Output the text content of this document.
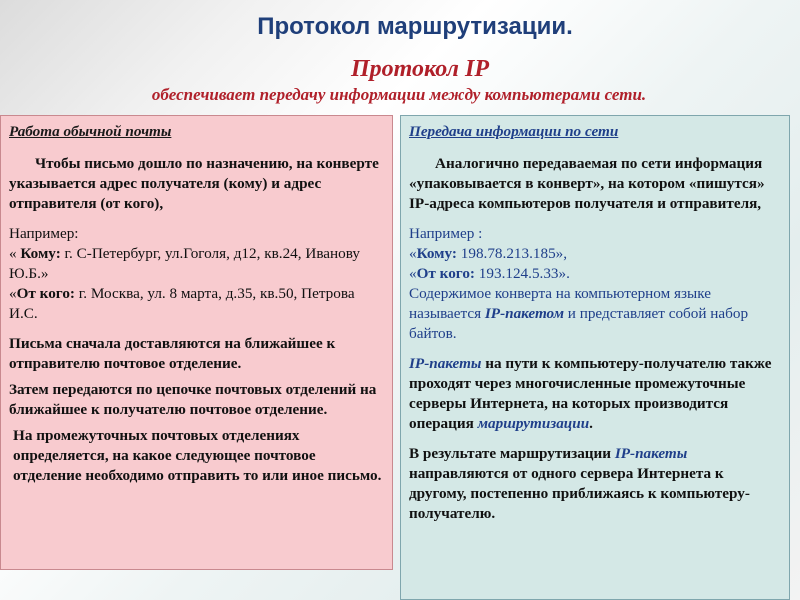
Протокол маршрутизации.
Протокол IP
обеспечивает передачу информации между компьютерами сети.

Работа обычной почты

Чтобы письмо дошло по назначению, на конверте указывается адрес получателя (кому) и адрес отправителя (от кого),

Например:

« Кому: г. С-Петербург, ул.Гоголя, д12, кв.24, Иванову Ю.Б.»

«От кого: г. Москва, ул. 8 марта, д.35, кв.50, Петрова И.С.

Письма сначала доставляются на ближайшее к отправителю почтовое отделение.

Затем передаются по цепочке почтовых отделений на ближайшее к получателю почтовое отделение.

На промежуточных почтовых отделениях определяется, на какое следующее почтовое отделение необходимо отправить то или иное письмо.

Передача информации по сети

Аналогично передаваемая по сети информация «упаковывается в конверт», на котором «пишутся» IP-адреса компьютеров получателя и отправителя,

Например :

«Кому: 198.78.213.185»,

«От кого: 193.124.5.33».

Содержимое конверта на компьютерном языке называется IP-пакетом и представляет собой набор байтов.

IP-пакеты на пути к компьютеру-получателю также проходят через многочисленные промежуточные серверы Интернета, на которых производится операция маршрутизации.

В результате маршрутизации IP-пакеты направляются от одного сервера Интернета к другому, постепенно приближаясь к компьютеру-получателю.
